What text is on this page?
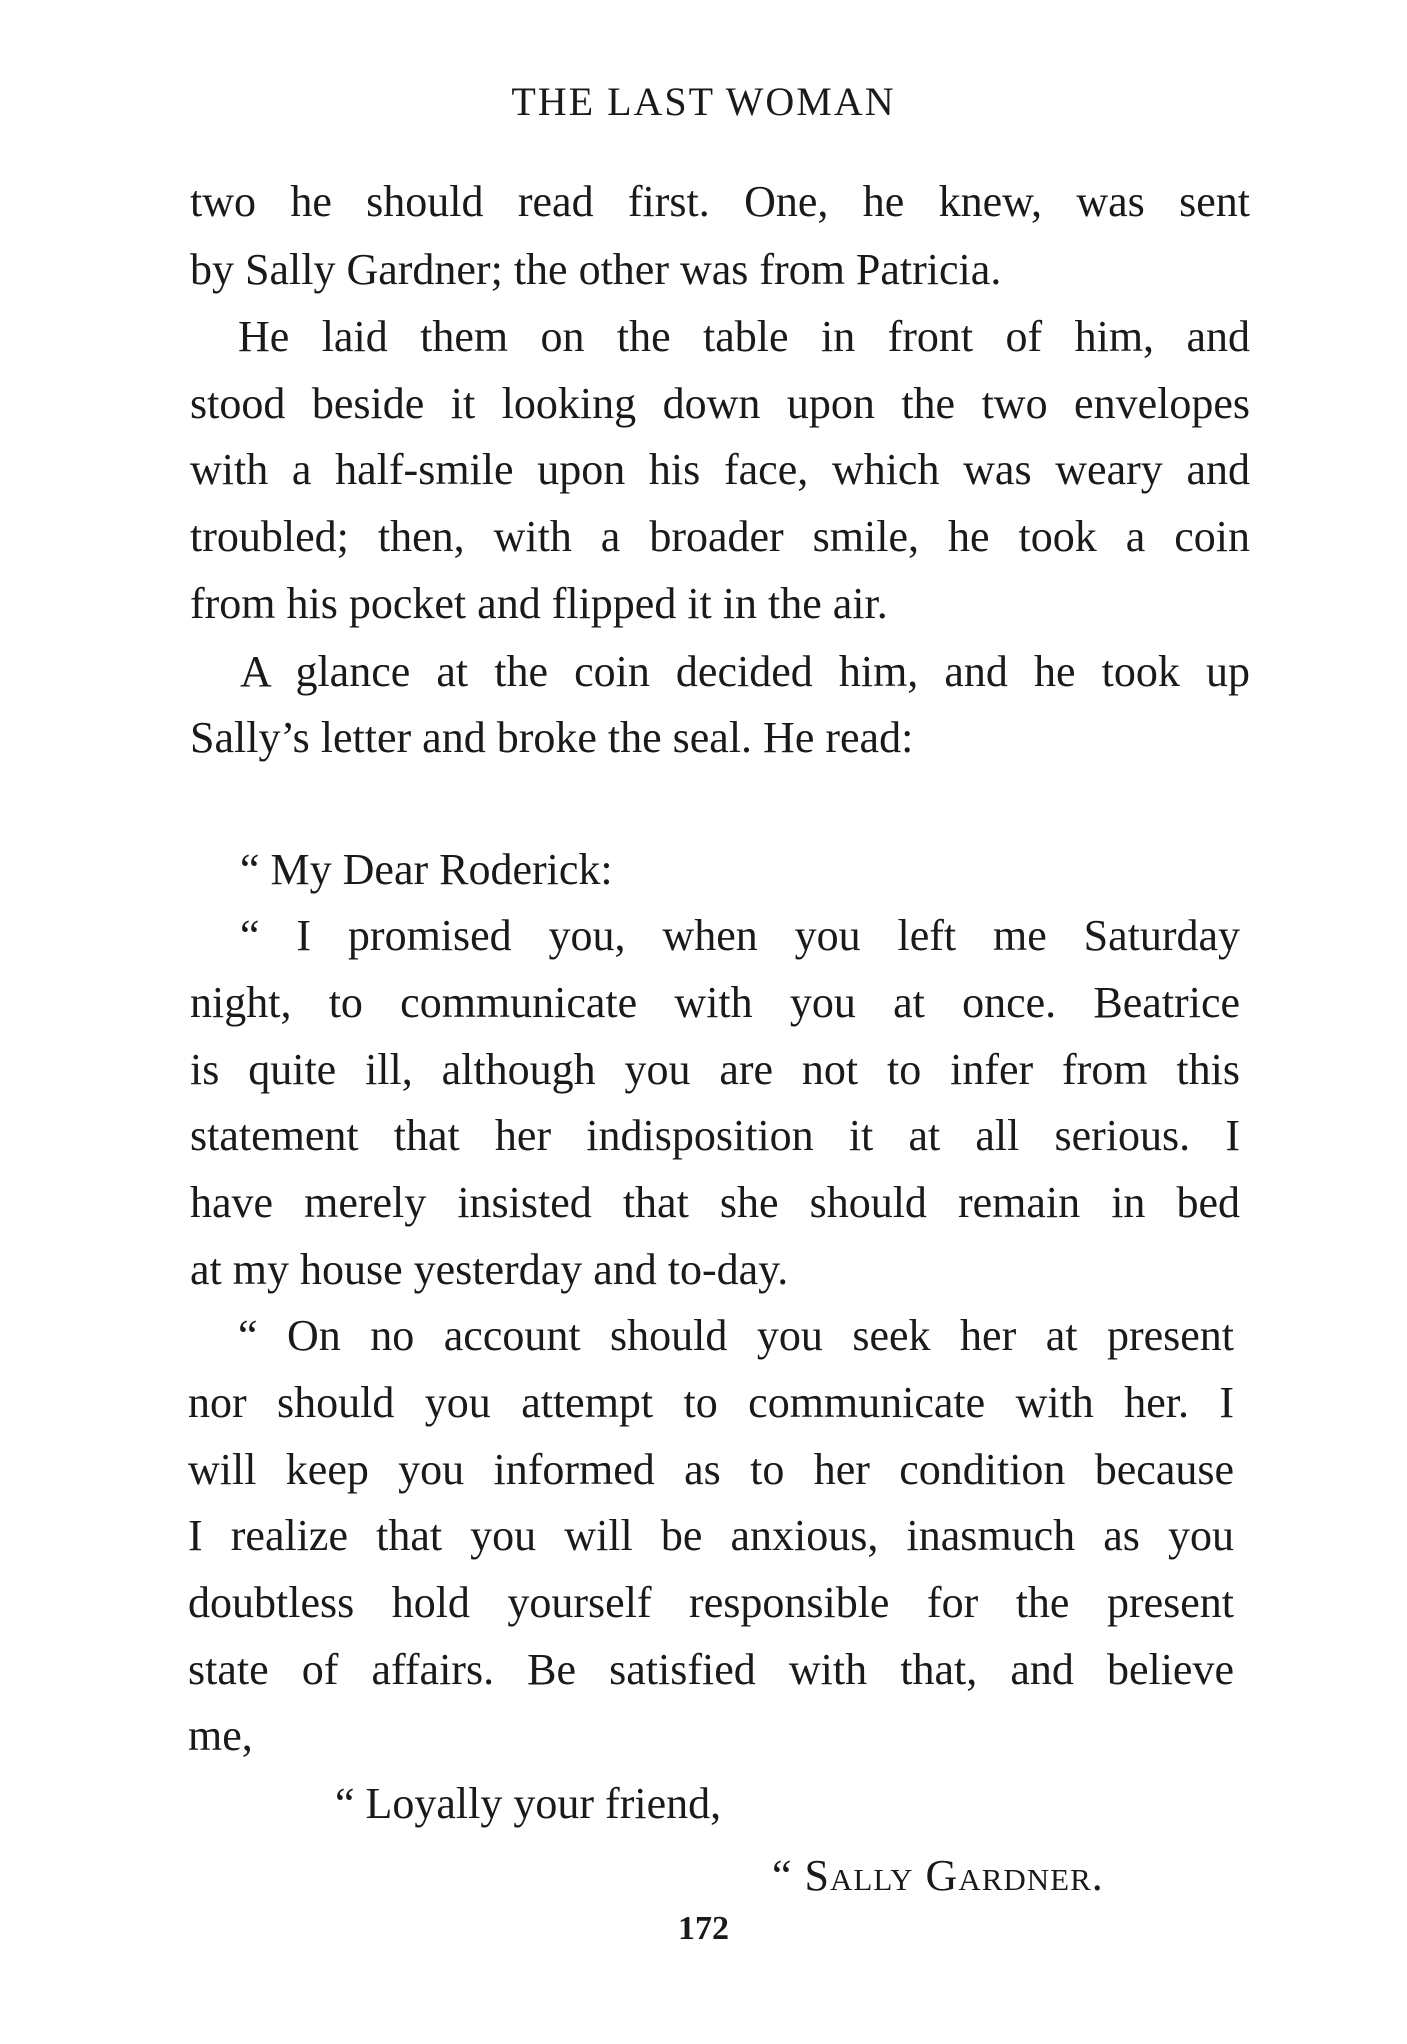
THE LAST WOMAN
two he should read first. One, he knew, was sent
by Sally Gardner; the other was from Patricia.
He laid them on the table in front of him, and
stood beside it looking down upon the two envelopes
with a half-smile upon his face, which was weary and
troubled; then, with a broader smile, he took a coin
from his pocket and flipped it in the air.
A glance at the coin decided him, and he took up
Sally’s letter and broke the seal. He read:
“ My Dear Roderick:
“ I promised you, when you left me Saturday
night, to communicate with you at once. Beatrice
is quite ill, although you are not to infer from this
statement that her indisposition it at all serious. I
have merely insisted that she should remain in bed
at my house yesterday and to-day.
“ On no account should you seek her at present
nor should you attempt to communicate with her. I
will keep you informed as to her condition because
I realize that you will be anxious, inasmuch as you
doubtless hold yourself responsible for the present
state of affairs. Be satisfied with that, and believe
me,
“ Loyally your friend,
“ Sally Gardner.
172
